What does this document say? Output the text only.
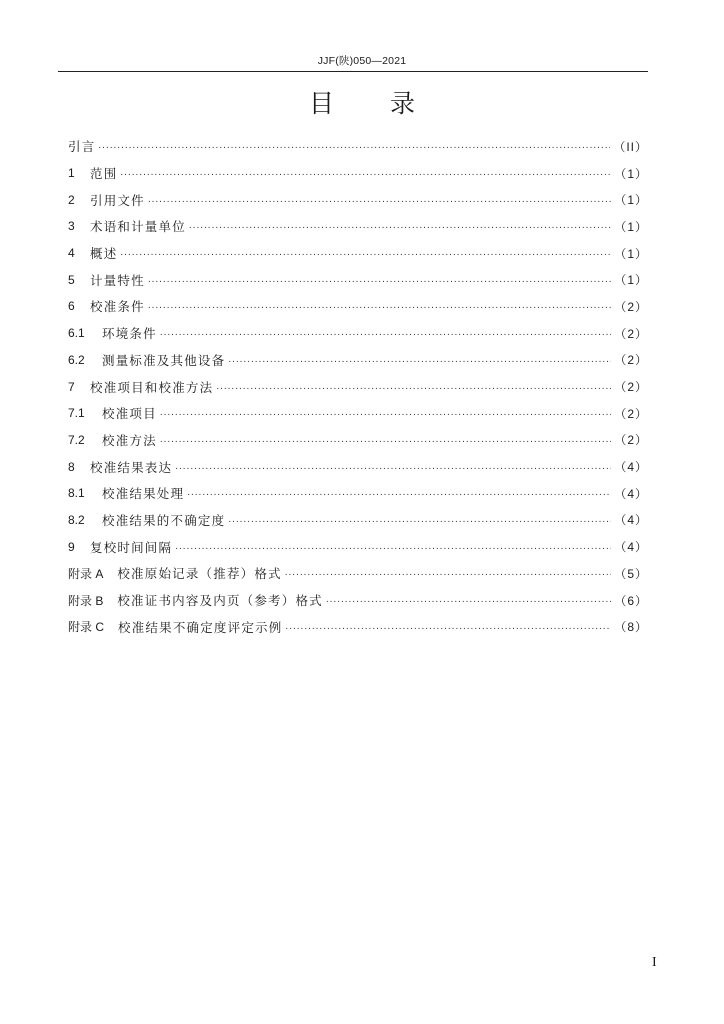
JJF(陕)050—2021
目 录
引言 .....	（II）
1	范围 .....	（1）
2	引用文件 .....	（1）
3	术语和计量单位 .....	（1）
4	概述 .....	（1）
5	计量特性 .....	（1）
6	校准条件 .....	（2）
6.1	环境条件 .....	（2）
6.2	测量标准及其他设备 .....	（2）
7	校准项目和校准方法 .....	（2）
7.1	校准项目 .....	（2）
7.2	校准方法 .....	（2）
8	校准结果表达 .....	（4）
8.1	校准结果处理 .....	（4）
8.2	校准结果的不确定度 .....	（4）
9	复校时间间隔 .....	（4）
附录 A 校准原始记录（推荐）格式 .....	（5）
附录 B 校准证书内容及内页（参考）格式 .....	（6）
附录 C 校准结果不确定度评定示例 .....	（8）
I
